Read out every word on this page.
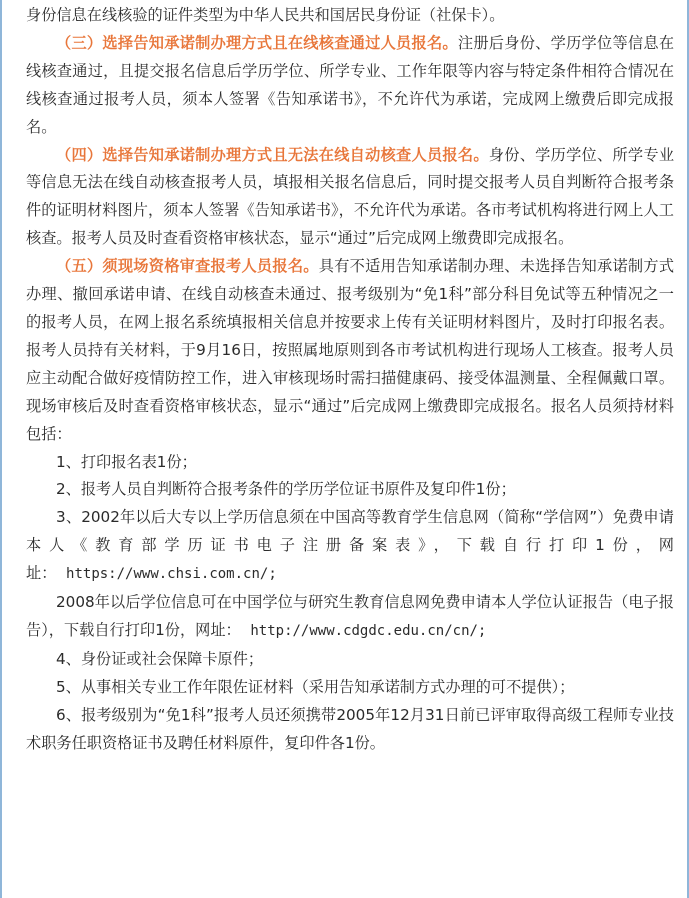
身份信息在线核验的证件类型为中华人民共和国居民身份证（社保卡）。

（三）选择告知承诺制办理方式且在线核查通过人员报名。注册后身份、学历学位等信息在线核查通过，且提交报名信息后学历学位、所学专业、工作年限等内容与特定条件相符合情况在线核查通过报考人员，须本人签署《告知承诺书》，不允许代为承诺，完成网上缴费后即完成报名。

（四）选择告知承诺制办理方式且无法在线自动核查人员报名。身份、学历学位、所学专业等信息无法在线自动核查报考人员，填报相关报名信息后，同时提交报考人员自判断符合报考条件的证明材料图片，须本人签署《告知承诺书》，不允许代为承诺。各市考试机构将进行网上人工核查。报考人员及时查看资格审核状态，显示“通过”后完成网上缴费即完成报名。

（五）须现场资格审查报考人员报名。具有不适用告知承诺制办理、未选择告知承诺制方式办理、撤回承诺申请、在线自动核查未通过、报考级别为“免1科”部分科目免试等五种情况之一的报考人员，在网上报名系统填报相关信息并按要求上传有关证明材料图片，及时打印报名表。报考人员持有关材料，于9月16日，按照属地原则到各市考试机构进行现场人工核查。报考人员应主动配合做好疫情防控工作，进入审核现场时需扫描健康码、接受体温测量、全程佩戴口罩。现场审核后及时查看资格审核状态，显示“通过”后完成网上缴费即完成报名。报名人员须持材料包括：

1、打印报名表1份；

2、报考人员自判断符合报考条件的学历学位证书原件及复印件1份；

3、2002年以后大专以上学历信息须在中国高等教育学生信息网（简称“学信网”）免费申请本人《教育部学历证书电子注册备案表》，下载自行打印1份，网址： https://www.chsi.com.cn/;

2008年以后学位信息可在中国学位与研究生教育信息网免费申请本人学位认证报告（电子报告），下载自行打印1份，网址： http://www.cdgdc.edu.cn/cn/;

4、身份证或社会保障卡原件；

5、从事相关专业工作年限佐证材料（采用告知承诺制方式办理的可不提供）；

6、报考级别为“免1科”报考人员还须携带2005年12月31日前已评审取得高级工程师专业技术职务任职资格证书及聘任材料原件，复印件各1份。
